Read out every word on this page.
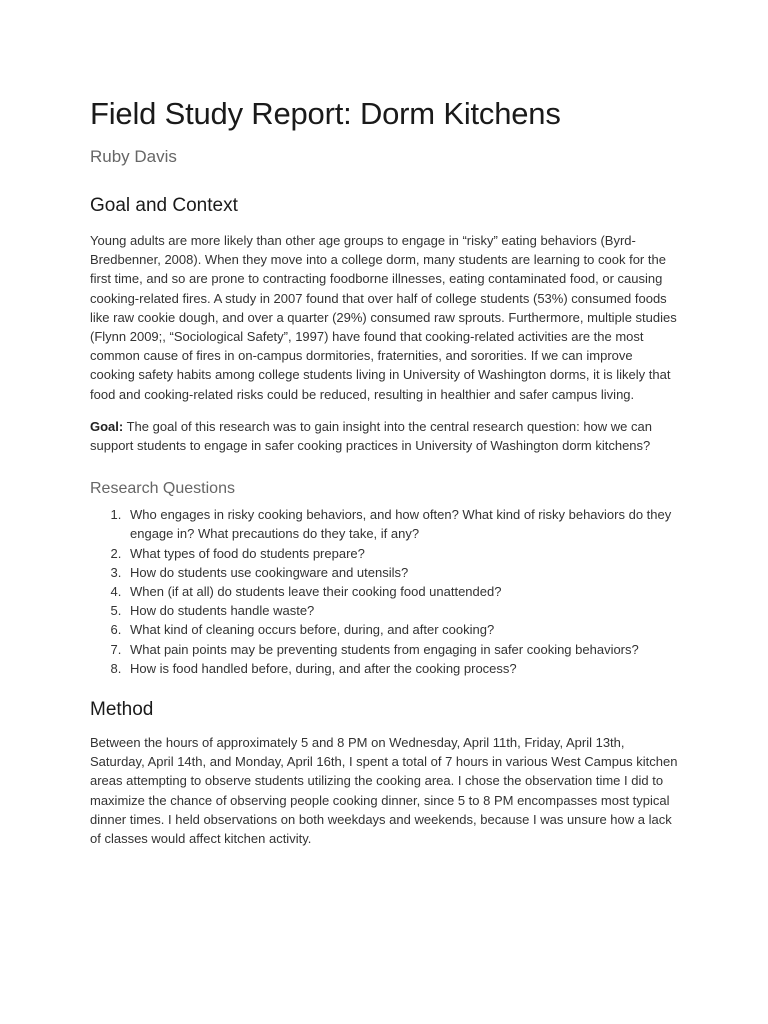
Field Study Report: Dorm Kitchens
Ruby Davis
Goal and Context

Young adults are more likely than other age groups to engage in “risky” eating behaviors (Byrd-Bredbenner, 2008). When they move into a college dorm, many students are learning to cook for the first time, and so are prone to contracting foodborne illnesses, eating contaminated food, or causing cooking-related fires. A study in 2007 found that over half of college students (53%) consumed foods like raw cookie dough, and over a quarter (29%) consumed raw sprouts. Furthermore, multiple studies (Flynn 2009;, “Sociological Safety”, 1997) have found that cooking-related activities are the most common cause of fires in on-campus dormitories, fraternities, and sororities. If we can improve cooking safety habits among college students living in University of Washington dorms, it is likely that food and cooking-related risks could be reduced, resulting in healthier and safer campus living.

Goal: The goal of this research was to gain insight into the central research question: how we can support students to engage in safer cooking practices in University of Washington dorm kitchens?

Research Questions
1. Who engages in risky cooking behaviors, and how often? What kind of risky behaviors do they engage in? What precautions do they take, if any?
2. What types of food do students prepare?
3. How do students use cookingware and utensils?
4. When (if at all) do students leave their cooking food unattended?
5. How do students handle waste?
6. What kind of cleaning occurs before, during, and after cooking?
7. What pain points may be preventing students from engaging in safer cooking behaviors?
8. How is food handled before, during, and after the cooking process?
Method

Between the hours of approximately 5 and 8 PM on Wednesday, April 11th, Friday, April 13th, Saturday, April 14th, and Monday, April 16th, I spent a total of 7 hours in various West Campus kitchen areas attempting to observe students utilizing the cooking area. I chose the observation time I did to maximize the chance of observing people cooking dinner, since 5 to 8 PM encompasses most typical dinner times. I held observations on both weekdays and weekends, because I was unsure how a lack of classes would affect kitchen activity.
